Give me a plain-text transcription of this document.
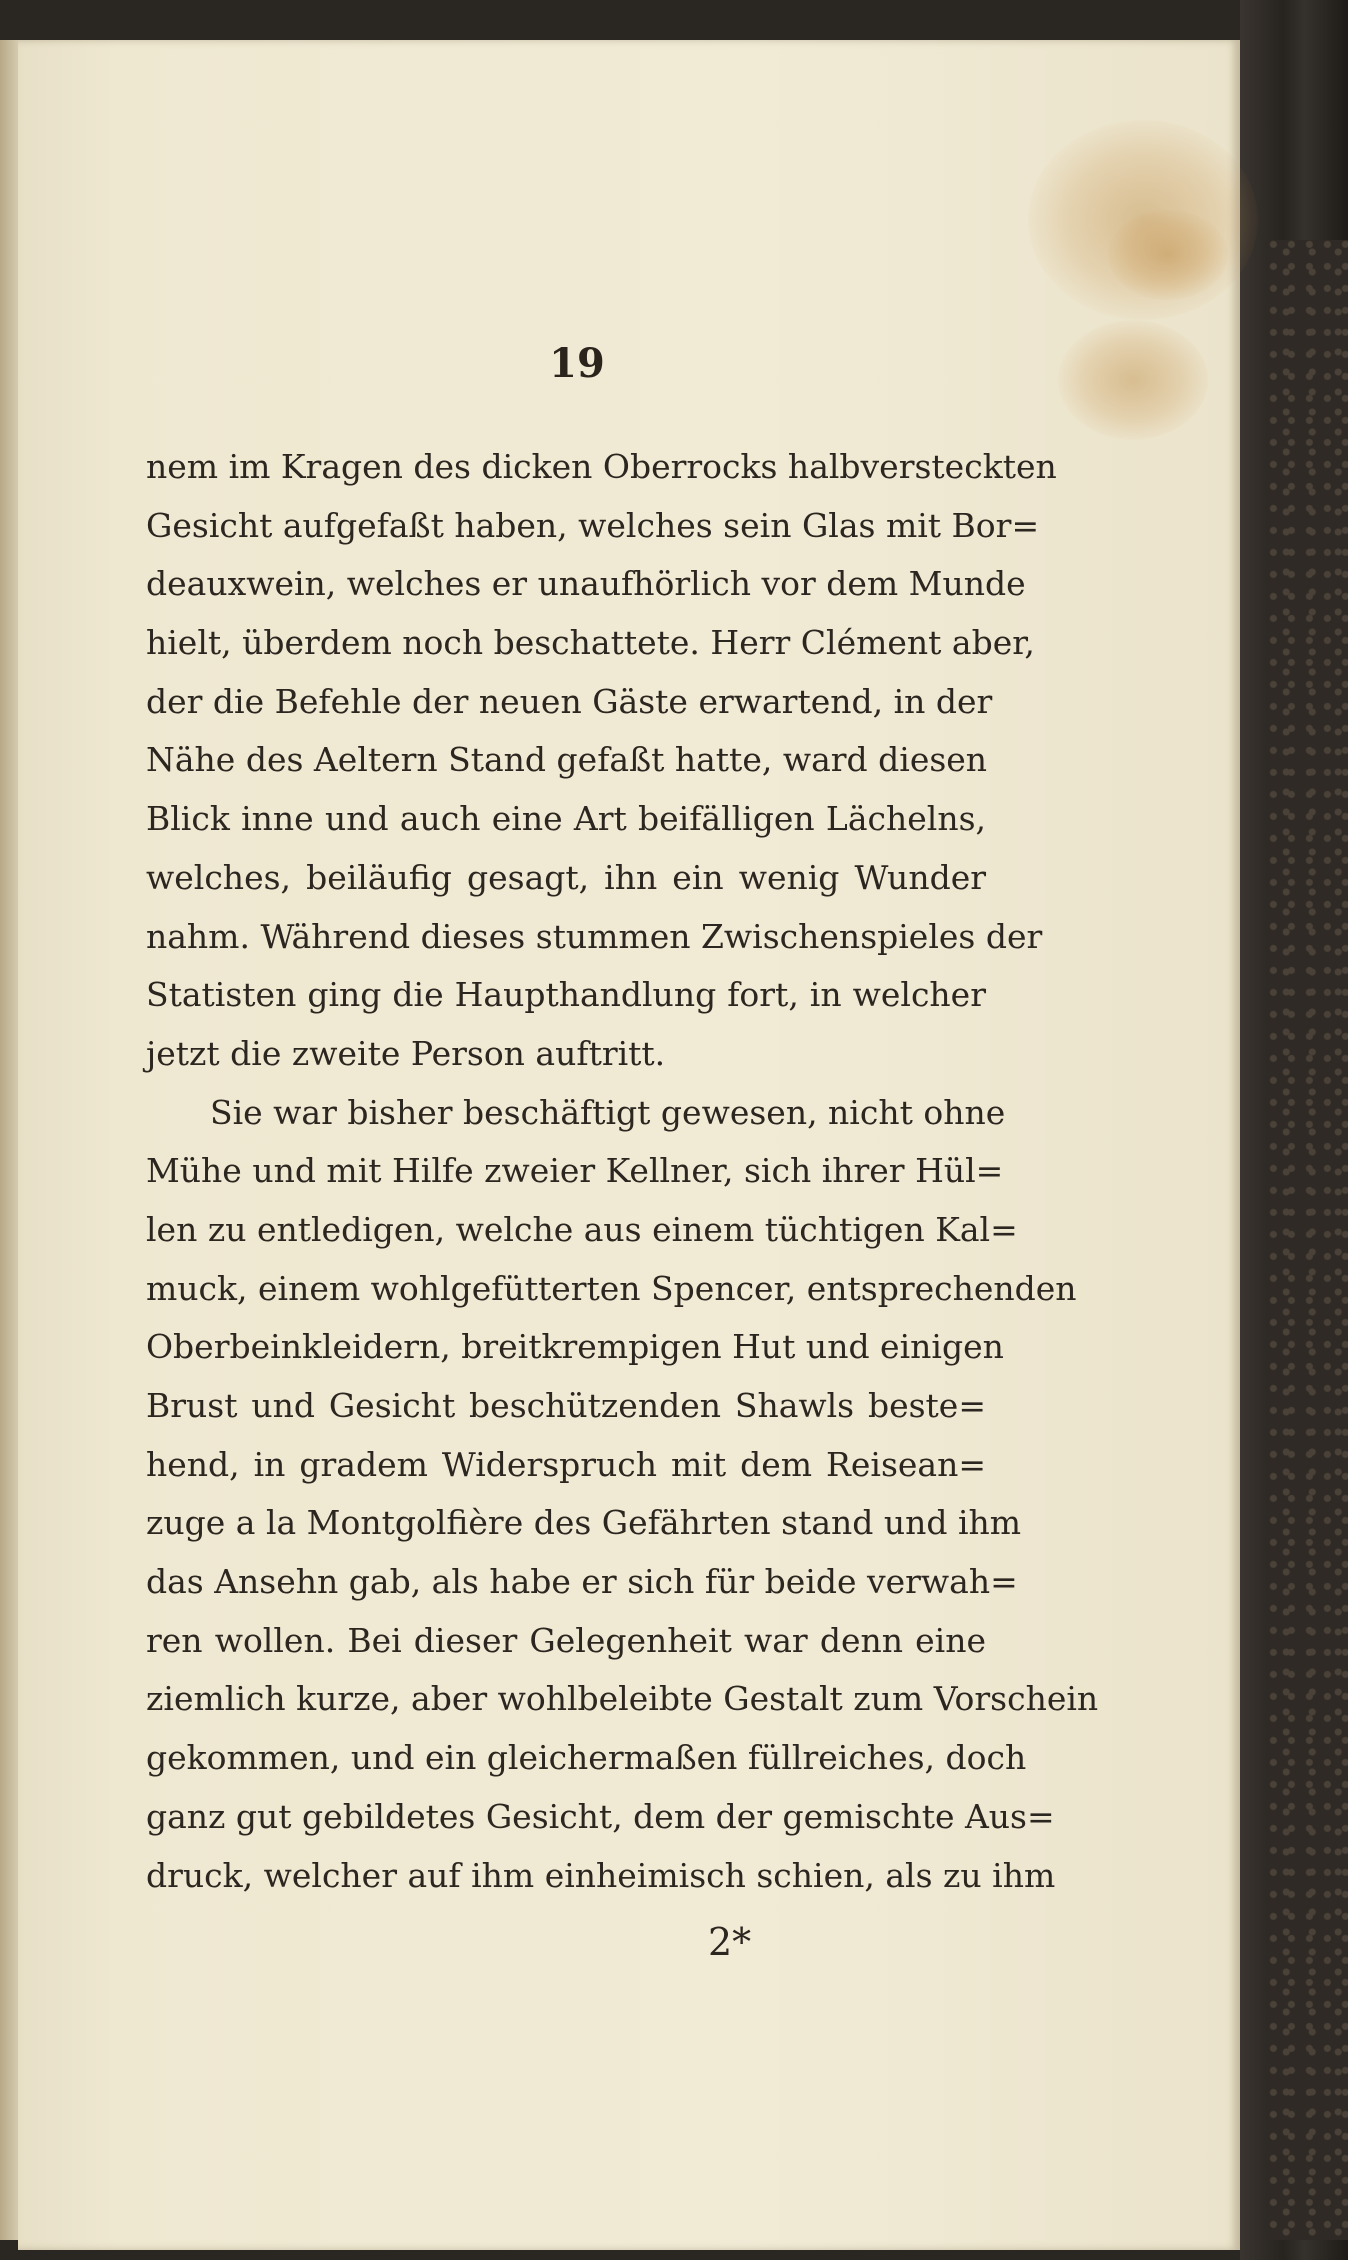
19
nem im Kragen des dicken Oberrocks halbversteckten
Gesicht aufgefaßt haben, welches sein Glas mit Bor=
deauxwein, welches er unaufhörlich vor dem Munde
hielt, überdem noch beschattete. Herr Clément aber,
der die Befehle der neuen Gäste erwartend, in der
Nähe des Aeltern Stand gefaßt hatte, ward diesen
Blick inne und auch eine Art beifälligen Lächelns,
welches, beiläufig gesagt, ihn ein wenig Wunder
nahm. Während dieses stummen Zwischenspieles der
Statisten ging die Haupthandlung fort, in welcher
jetzt die zweite Person auftritt.
Sie war bisher beschäftigt gewesen, nicht ohne
Mühe und mit Hilfe zweier Kellner, sich ihrer Hül=
len zu entledigen, welche aus einem tüchtigen Kal=
muck, einem wohlgefütterten Spencer, entsprechenden
Oberbeinkleidern, breitkrempigen Hut und einigen
Brust und Gesicht beschützenden Shawls beste=
hend, in gradem Widerspruch mit dem Reisean=
zuge a la Montgolfière des Gefährten stand und ihm
das Ansehn gab, als habe er sich für beide verwah=
ren wollen. Bei dieser Gelegenheit war denn eine
ziemlich kurze, aber wohlbeleibte Gestalt zum Vorschein
gekommen, und ein gleichermaßen füllreiches, doch
ganz gut gebildetes Gesicht, dem der gemischte Aus=
druck, welcher auf ihm einheimisch schien, als zu ihm
2*
